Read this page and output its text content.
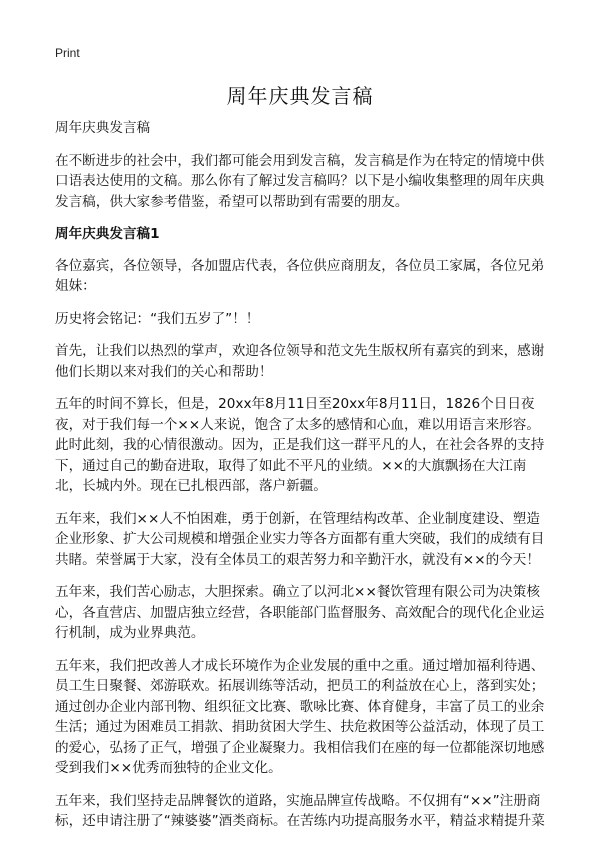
Print
周年庆典发言稿

周年庆典发言稿

在不断进步的社会中，我们都可能会用到发言稿，发言稿是作为在特定的情境中供口语表达使用的文稿。那么你有了解过发言稿吗？以下是小编收集整理的周年庆典发言稿，供大家参考借鉴，希望可以帮助到有需要的朋友。

周年庆典发言稿1

各位嘉宾，各位领导，各加盟店代表，各位供应商朋友，各位员工家属，各位兄弟姐妹：

历史将会铭记：“我们五岁了”！！

首先，让我们以热烈的掌声，欢迎各位领导和范文先生版权所有嘉宾的到来，感谢他们长期以来对我们的关心和帮助！

五年的时间不算长，但是，20xx年8月11日至20xx年8月11日，1826个日日夜夜，对于我们每一个××人来说，饱含了太多的感情和心血，难以用语言来形容。此时此刻，我的心情很激动。因为，正是我们这一群平凡的人，在社会各界的支持下，通过自己的勤奋进取，取得了如此不平凡的业绩。××的大旗飘扬在大江南北，长城内外。现在已扎根西部，落户新疆。

五年来，我们××人不怕困难，勇于创新，在管理结构改革、企业制度建设、塑造企业形象、扩大公司规模和增强企业实力等各方面都有重大突破，我们的成绩有目共睹。荣誉属于大家，没有全体员工的艰苦努力和辛勤汗水，就没有××的今天！

五年来，我们苦心励志，大胆探索。确立了以河北××餐饮管理有限公司为决策核心，各直营店、加盟店独立经营，各职能部门监督服务、高效配合的现代化企业运行机制，成为业界典范。

五年来，我们把改善人才成长环境作为企业发展的重中之重。通过增加福利待遇、员工生日聚餐、郊游联欢。拓展训练等活动，把员工的利益放在心上，落到实处；通过创办企业内部刊物、组织征文比赛、歌咏比赛、体育健身，丰富了员工的业余生活；通过为困难员工捐款、捐助贫困大学生、扶危救困等公益活动，体现了员工的爱心，弘扬了正气，增强了企业凝聚力。我相信我们在座的每一位都能深切地感受到我们××优秀而独特的企业文化。

五年来，我们坚持走品牌餐饮的道路，实施品牌宣传战略。不仅拥有“××”注册商标，还申请注册了“辣婆婆”酒类商标。在苦练内功提高服务水平，精益求精提升菜
